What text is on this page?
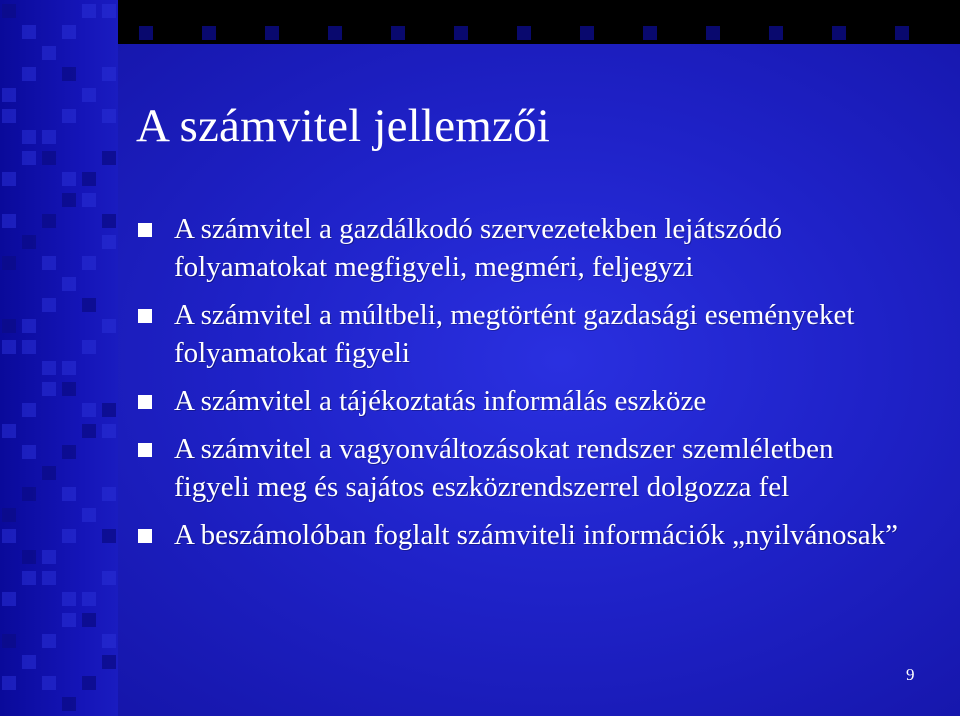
A számvitel jellemzői
A számvitel a gazdálkodó szervezetekben lejátszódó folyamatokat megfigyeli, megméri, feljegyzi
A számvitel a múltbeli, megtörtént gazdasági eseményeket folyamatokat figyeli
A számvitel a tájékoztatás informálás eszköze
A számvitel a vagyonváltozásokat rendszer szemléletben figyeli meg és sajátos eszközrendszerrel dolgozza fel
A beszámolóban foglalt számviteli információk „nyilvánosak”
9
